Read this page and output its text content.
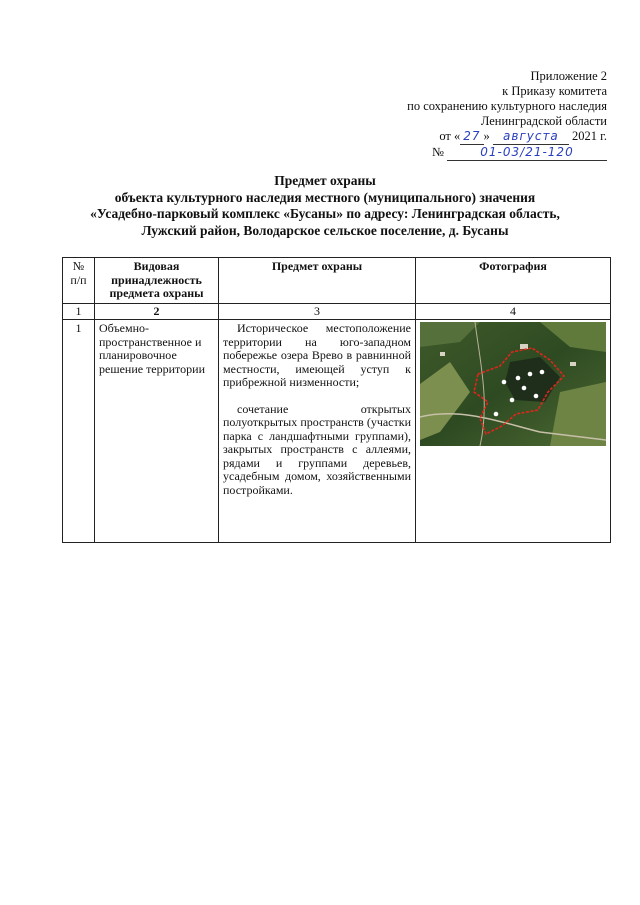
Приложение 2
к Приказу комитета
по сохранению культурного наследия
Ленинградской области
от « 27 » августа 2021 г.
№	01-03/21-120
Предмет охраны
объекта культурного наследия местного (муниципального) значения
«Усадебно-парковый комплекс «Бусаны» по адресу: Ленинградская область,
Лужский район, Володарское сельское поселение, д. Бусаны
№ п/п	Видовая принадлежность предмета охраны	Предмет охраны	Фотография
1	2	3	4
1	Объемно-пространственное и планировочное решение территории	Историческое местоположение территории на юго-западном побережье озера Врево в равнинной местности, имеющей уступ к прибрежной низменности;

сочетание открытых полуоткрытых пространств (участки парка с ландшафтными группами), закрытых пространств с аллеями, рядами и группами деревьев, усадебным домом, хозяйственными постройками.
